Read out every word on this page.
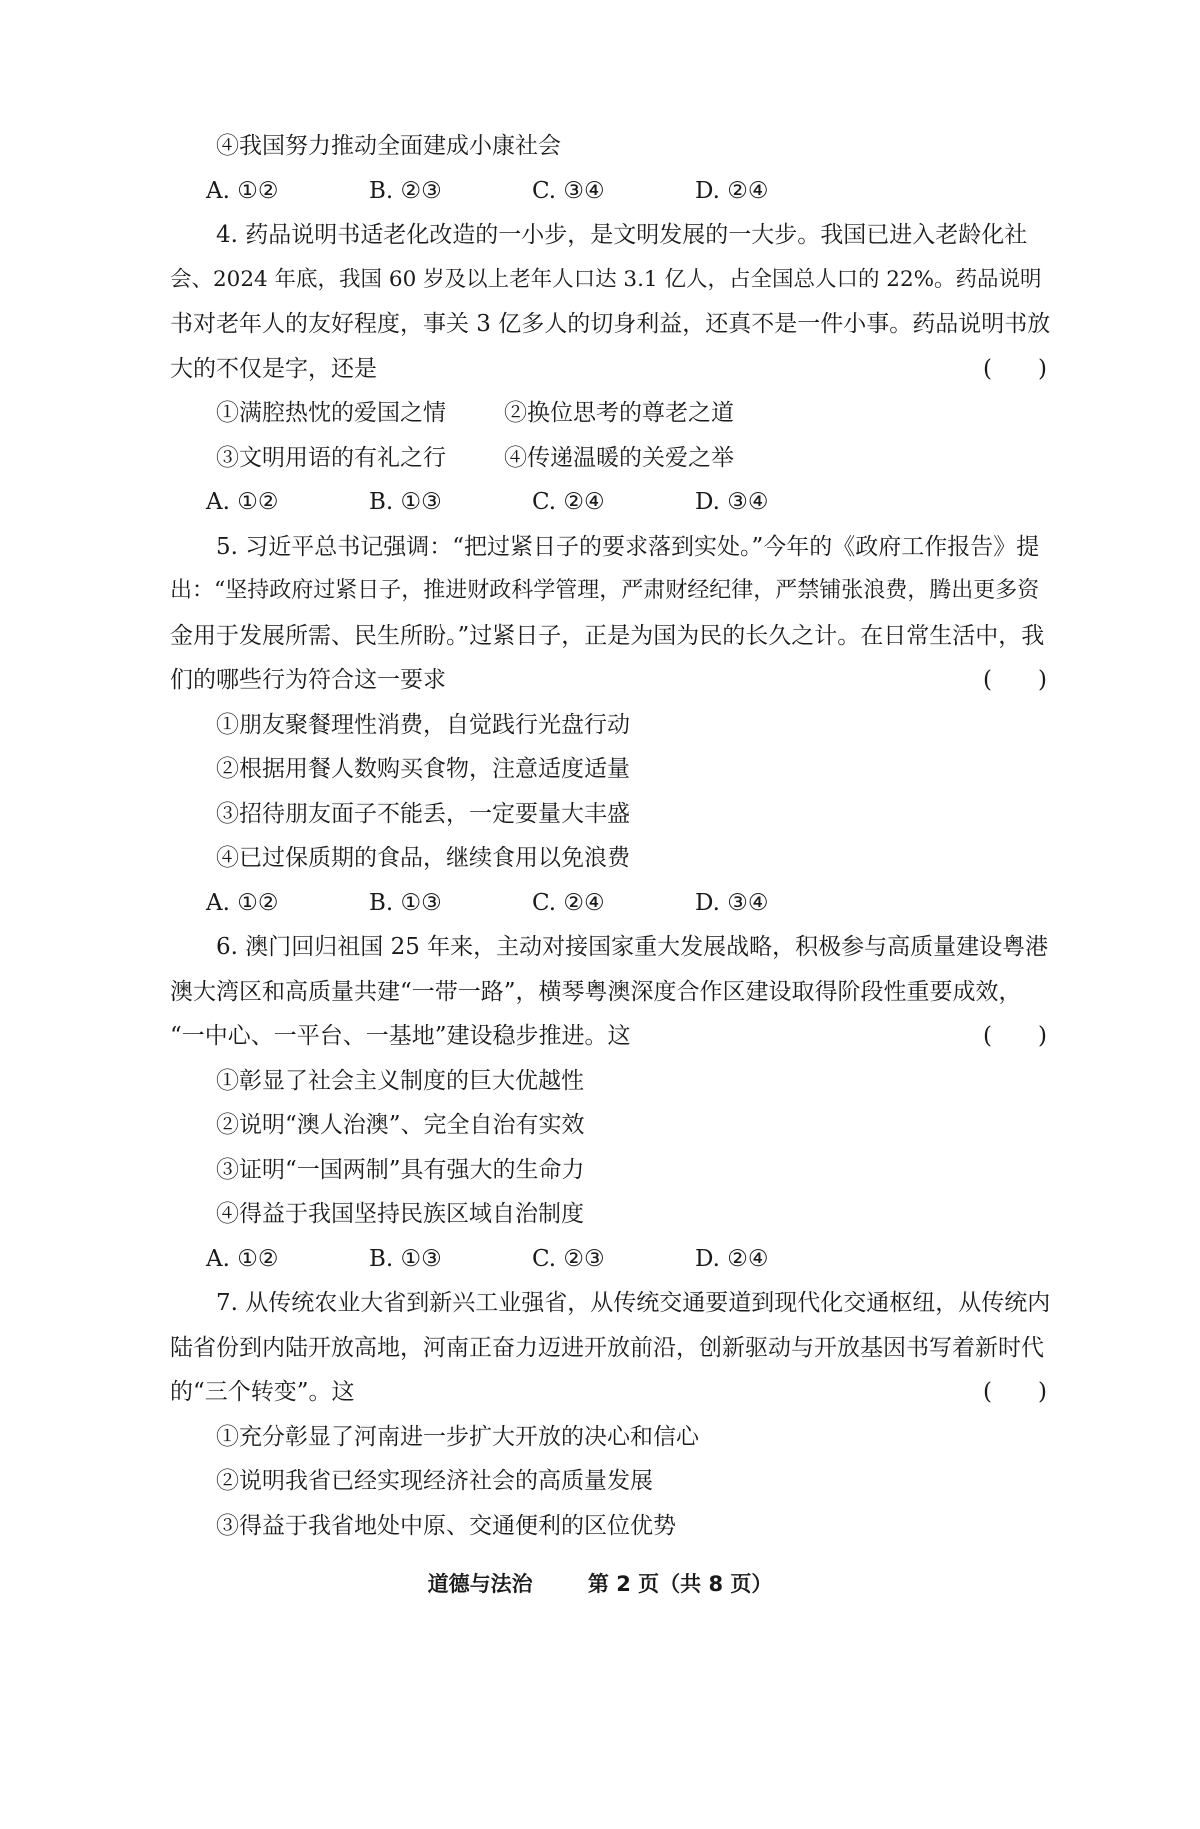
④我国努力推动全面建成小康社会
A. ①②	B. ②③	C. ③④	D. ②④
4. 药品说明书适老化改造的一小步，是文明发展的一大步。我国已进入老龄化社
会、2024 年底，我国 60 岁及以上老年人口达 3.1 亿人，占全国总人口的 22%。药品说明
书对老年人的友好程度，事关 3 亿多人的切身利益，还真不是一件小事。药品说明书放
大的不仅是字，还是	(　　)
①满腔热忱的爱国之情	②换位思考的尊老之道
③文明用语的有礼之行	④传递温暖的关爱之举
A. ①②	B. ①③	C. ②④	D. ③④
5. 习近平总书记强调：“把过紧日子的要求落到实处。”今年的《政府工作报告》提
出：“坚持政府过紧日子，推进财政科学管理，严肃财经纪律，严禁铺张浪费，腾出更多资
金用于发展所需、民生所盼。”过紧日子，正是为国为民的长久之计。在日常生活中，我
们的哪些行为符合这一要求	(　　)
①朋友聚餐理性消费，自觉践行光盘行动
②根据用餐人数购买食物，注意适度适量
③招待朋友面子不能丢，一定要量大丰盛
④已过保质期的食品，继续食用以免浪费
A. ①②	B. ①③	C. ②④	D. ③④
6. 澳门回归祖国 25 年来，主动对接国家重大发展战略，积极参与高质量建设粤港
澳大湾区和高质量共建“一带一路”，横琴粤澳深度合作区建设取得阶段性重要成效，
“一中心、一平台、一基地”建设稳步推进。这	(　　)
①彰显了社会主义制度的巨大优越性
②说明“澳人治澳”、完全自治有实效
③证明“一国两制”具有强大的生命力
④得益于我国坚持民族区域自治制度
A. ①②	B. ①③	C. ②③	D. ②④
7. 从传统农业大省到新兴工业强省，从传统交通要道到现代化交通枢纽，从传统内
陆省份到内陆开放高地，河南正奋力迈进开放前沿，创新驱动与开放基因书写着新时代
的“三个转变”。这	(　　)
①充分彰显了河南进一步扩大开放的决心和信心
②说明我省已经实现经济社会的高质量发展
③得益于我省地处中原、交通便利的区位优势
道德与法治	第 2 页（共 8 页）
